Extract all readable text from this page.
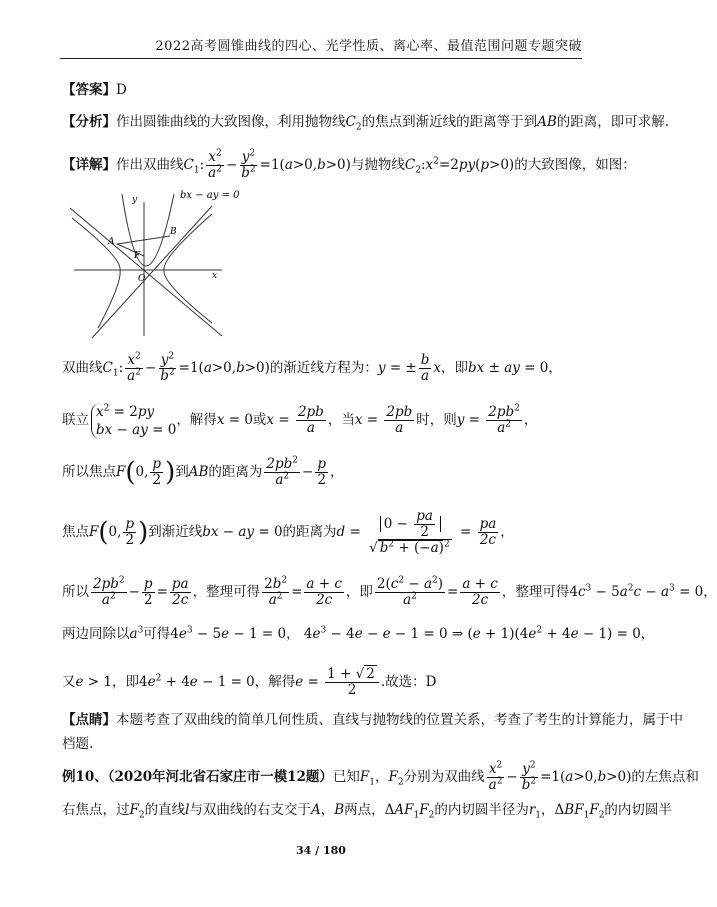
2022高考圆锥曲线的四心、光学性质、离心率、最值范围问题专题突破
【答案】D
【分析】作出圆锥曲线的大致图像，利用抛物线$C_2$的焦点到渐近线的距离等于到AB的距离，即可求解.
【详解】作出双曲线$C_1$: $\frac{x^2}{a^2} - \frac{y^2}{b^2} =1(a>0,b>0)$与抛物线$C_2:x^2=2py(p>0)$的大致图像，如图：
y
x
bx − ay = 0
A
B
F
O
双曲线$C_1$: $\frac{x^2}{a^2} - \frac{y^2}{b^2} =1(a>0,b>0)$的渐近线方程为：y = ± $\frac{b}{a}$ x，即bx ± ay = 0，
联立
$x^2 = 2py$
bx − ay = 0
，解得x = 0或$x = \frac{2pb}{a}$ ，当$x = \frac{2pb}{a}$ 时，则$y = \frac{2pb^2}{a^2}$ ，
所以焦点F(0, $\frac{p}{2}$ )到AB的距离为 $\frac{2pb^2}{a^2} - \frac{p}{2}$ ，
焦点F(0, $\frac{p}{2}$ )到渐近线bx − ay = 0的距离为$d = \frac{0 - \frac{pa}{2}}{√ b^2 + (-a)^2} = \frac{pa}{2c}$ ，
所以 $\frac{2pb^2}{a^2} - \frac{p}{2} = \frac{pa}{2c}$ ，整理可得 $\frac{2b^2}{a^2} = \frac{a + c}{2c}$ ，即 $\frac{2(c^2 - a^2)}{a^2} = \frac{a + c}{2c}$ ，整理可得$4c^3 - 5a^2c - a^3 = 0$，
两边同除以$a^3$可得$4e^3 - 5e - 1 = 0$， $4e^3 - 4e - e - 1 = 0$ ⇒ $(e + 1)(4e^2 + 4e - 1) = 0$，
又e > 1，即$4e^2 + 4e - 1 = 0$，解得$e = \frac{1 + √ 2}{2}$ .故选：D
【点睛】本题考查了双曲线的简单几何性质、直线与抛物线的位置关系，考查了考生的计算能力，属于中
档题.
例10、（2020年河北省石家庄市一模12题）已知$F_1$，$F_2$分别为双曲线 $\frac{x^2}{a^2} - \frac{y^2}{b^2} =1(a>0,b>0)$的左焦点和
右焦点，过$F_2$的直线l与双曲线的右支交于A，B两点，$\Delta AF_1F_2$的内切圆半径为$r_1$，$\Delta BF_1F_2$的内切圆半
34 / 180
